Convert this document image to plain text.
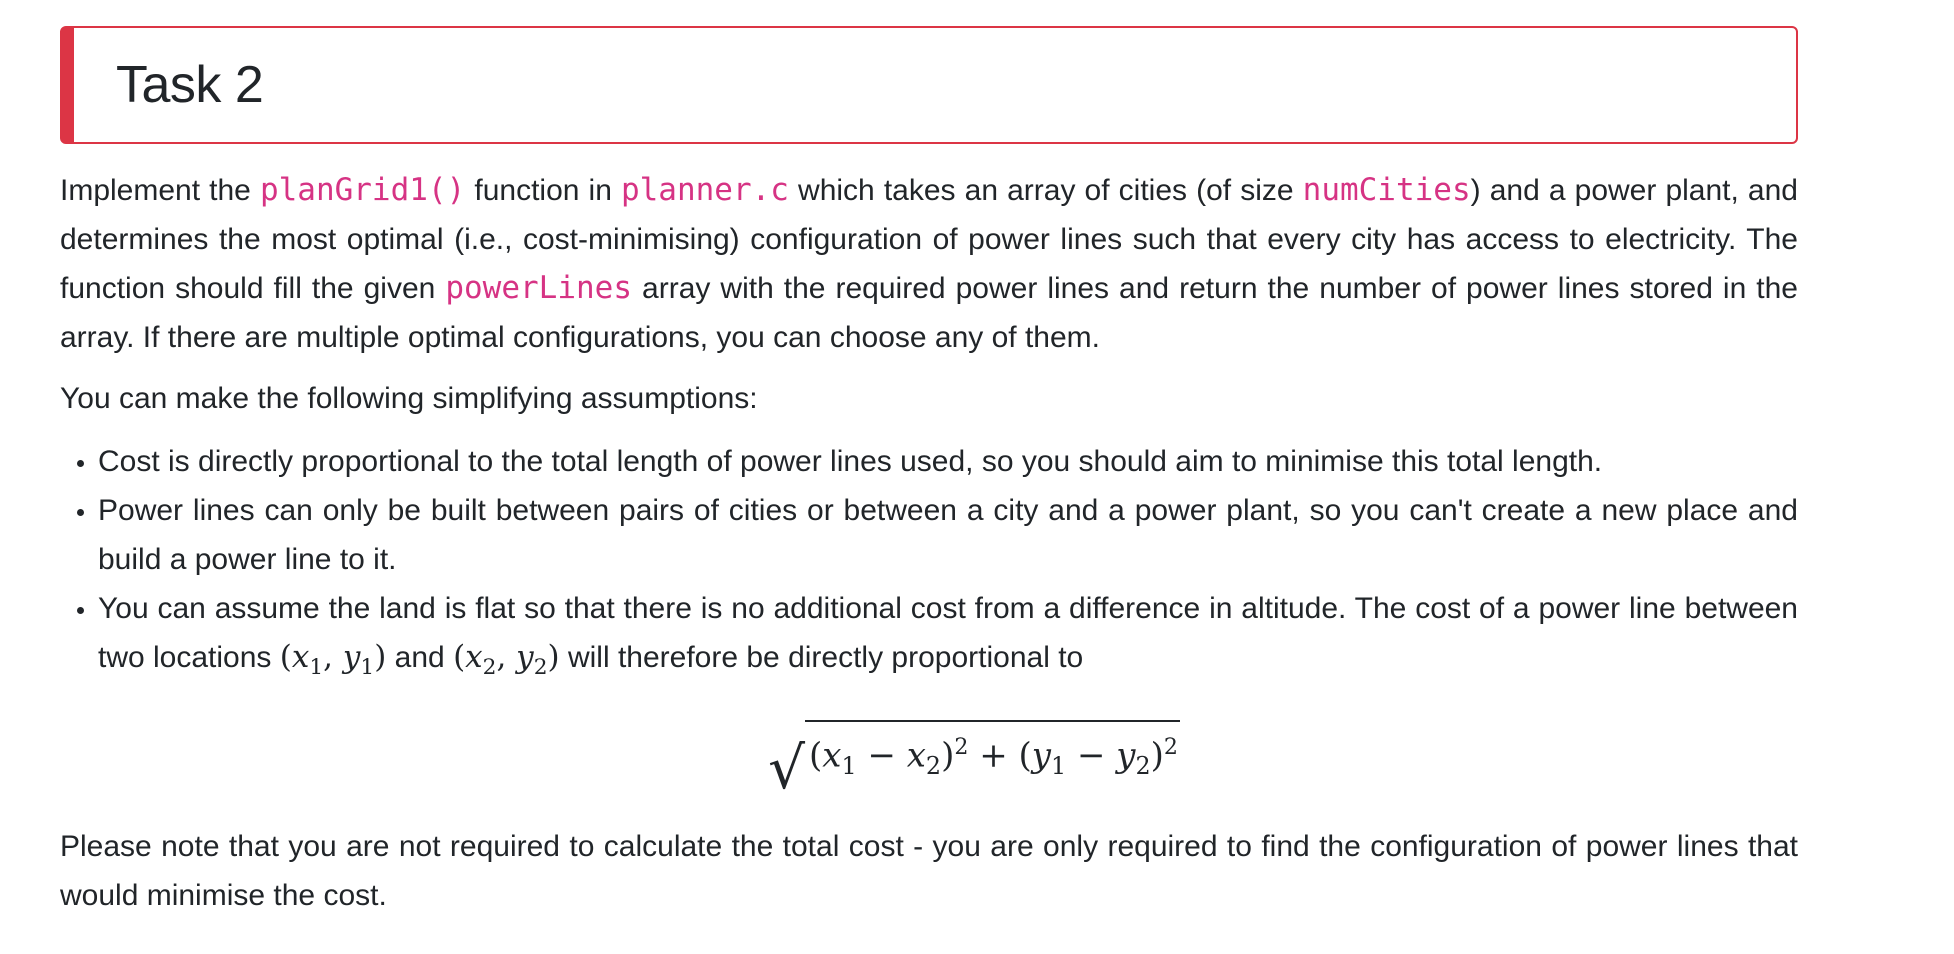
Task 2

Implement the planGrid1() function in planner.c which takes an array of cities (of size numCities) and a power plant, and determines the most optimal (i.e., cost-minimising) configuration of power lines such that every city has access to electricity. The function should fill the given powerLines array with the required power lines and return the number of power lines stored in the array. If there are multiple optimal configurations, you can choose any of them.

You can make the following simplifying assumptions:

• Cost is directly proportional to the total length of power lines used, so you should aim to minimise this total length.
• Power lines can only be built between pairs of cities or between a city and a power plant, so you can't create a new place and build a power line to it.
• You can assume the land is flat so that there is no additional cost from a difference in altitude. The cost of a power line between two locations ($x_1$, $y_1$) and ($x_2$, $y_2$) will therefore be directly proportional to
√ $(x_1 - x_2)^2 + (y_1 - y_2)^2$

Please note that you are not required to calculate the total cost - you are only required to find the configuration of power lines that would minimise the cost.
